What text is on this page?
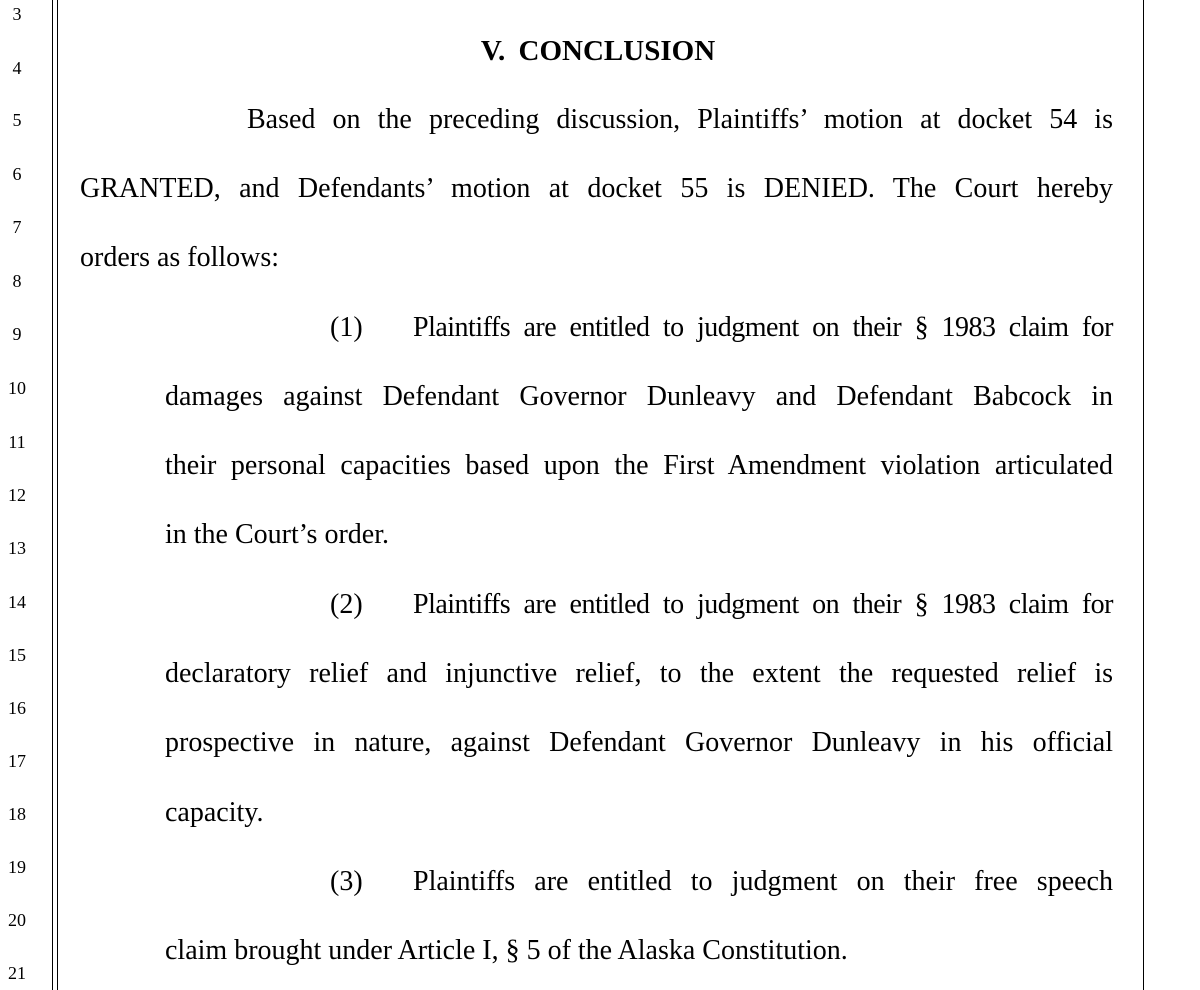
3
4
5
6
7
8
9
10
11
12
13
14
15
16
17
18
19
20
21
V. CONCLUSION
Based on the preceding discussion, Plaintiffs’ motion at docket 54 is
GRANTED, and Defendants’ motion at docket 55 is DENIED. The Court hereby
orders as follows:
(1) Plaintiffs are entitled to judgment on their § 1983 claim for
damages against Defendant Governor Dunleavy and Defendant Babcock in
their personal capacities based upon the First Amendment violation articulated
in the Court’s order.
(2) Plaintiffs are entitled to judgment on their § 1983 claim for
declaratory relief and injunctive relief, to the extent the requested relief is
prospective in nature, against Defendant Governor Dunleavy in his official
capacity.
(3) Plaintiffs are entitled to judgment on their free speech
claim brought under Article I, § 5 of the Alaska Constitution.
